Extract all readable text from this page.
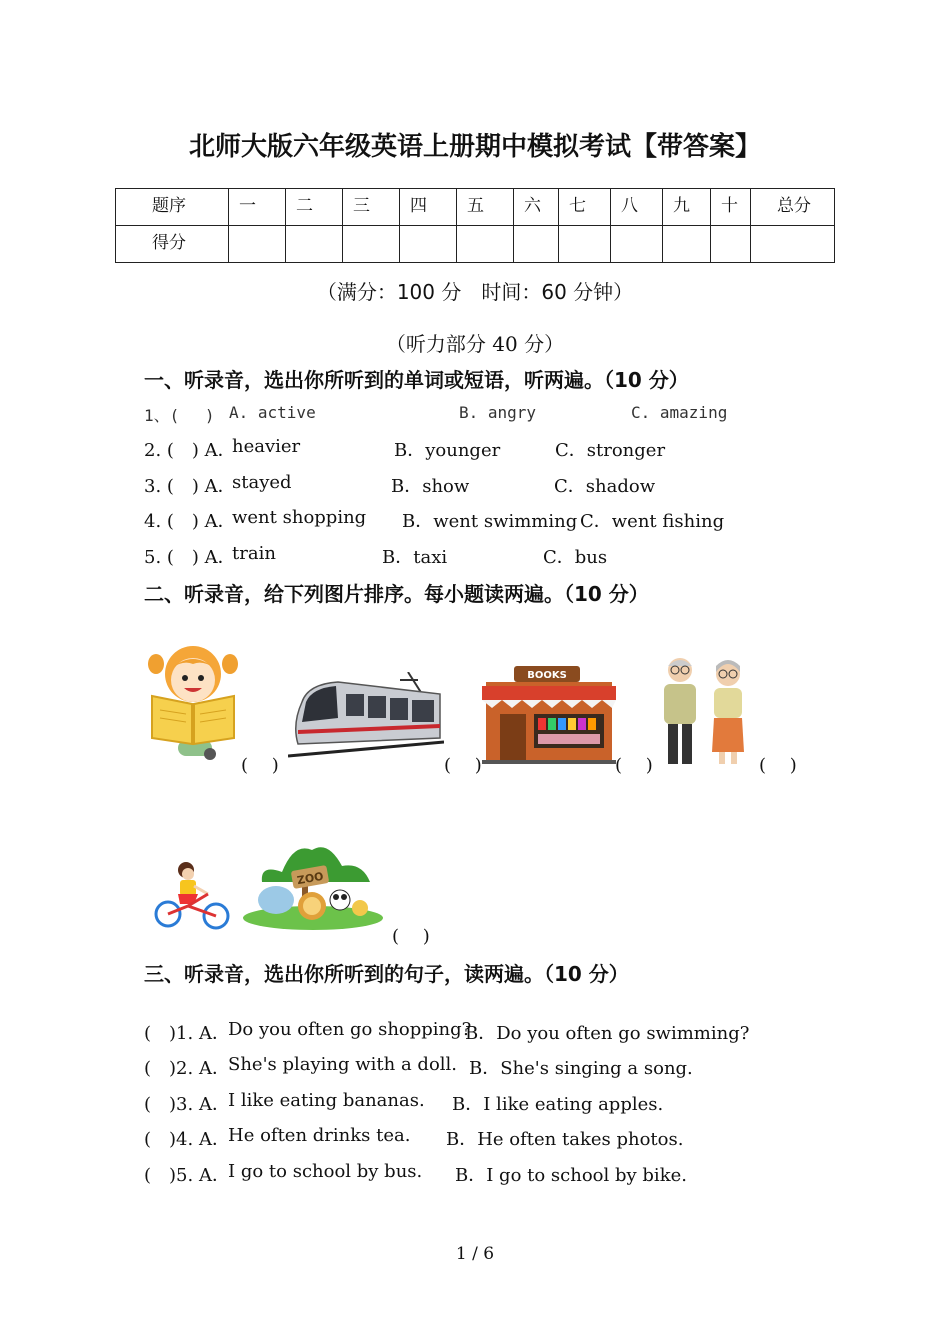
北师大版六年级英语上册期中模拟考试【带答案】
题序	一	二	三	四	五	六	七	八	九	十	总分

得分											

（满分：100 分　时间：60 分钟）
（听力部分 40 分）
一、听录音，选出你所听到的单词或短语，听两遍。（10 分）
1、(　 ) A. active	B. angry	C. amazing
2. (　) A．
heavier	B．younger	C．stronger
3. (　) A．
stayed	B．show	C．shadow
4. (　) A．
went shopping B．went swimming C．went fishing
5. (　) A．
train	B．taxi	C．bus
二、听录音，给下列图片排序。每小题读两遍。（10 分）
(　 )	(　 )
BOOKS
(　 )	(　 )
ZOO
(　 )
三、听录音，选出你所听到的句子，读两遍。（10 分）
(　)1. A．
Do you often go shopping?
B．Do you often go swimming?
(　)2. A．
She's playing with a doll. B．She's singing a song.
(　)3. A．
I like eating bananas. B．I like eating apples.
(　)4. A．
He often drinks tea. B．He often takes photos.
(　)5. A．
I go to school by bus. B．I go to school by bike.
1 / 6
